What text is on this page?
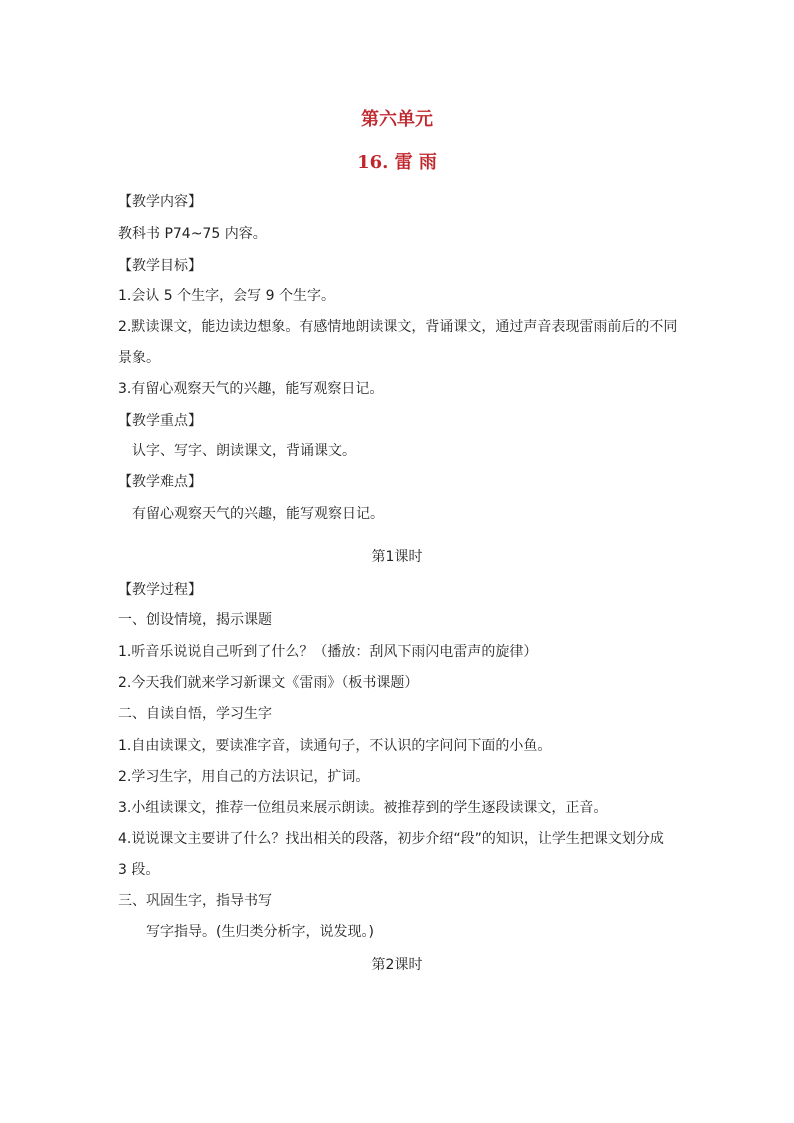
第六单元
16. 雷 雨
【教学内容】
教科书 P74~75 内容。
【教学目标】
1.会认 5 个生字，会写 9 个生字。
2.默读课文，能边读边想象。有感情地朗读课文，背诵课文，通过声音表现雷雨前后的不同
景象。
3.有留心观察天气的兴趣，能写观察日记。
【教学重点】
认字、写字、朗读课文，背诵课文。
【教学难点】
有留心观察天气的兴趣，能写观察日记。
第1课时
【教学过程】
一、创设情境，揭示课题
1.听音乐说说自己听到了什么？（播放：刮风下雨闪电雷声的旋律）
2.今天我们就来学习新课文《雷雨》（板书课题）
二、自读自悟，学习生字
1.自由读课文，要读准字音，读通句子，不认识的字问问下面的小鱼。
2.学习生字，用自己的方法识记，扩词。
3.小组读课文，推荐一位组员来展示朗读。被推荐到的学生逐段读课文，正音。
4.说说课文主要讲了什么？找出相关的段落，初步介绍“段”的知识，让学生把课文划分成
3 段。
三、巩固生字，指导书写
写字指导。(生归类分析字，说发现。)
第2课时
